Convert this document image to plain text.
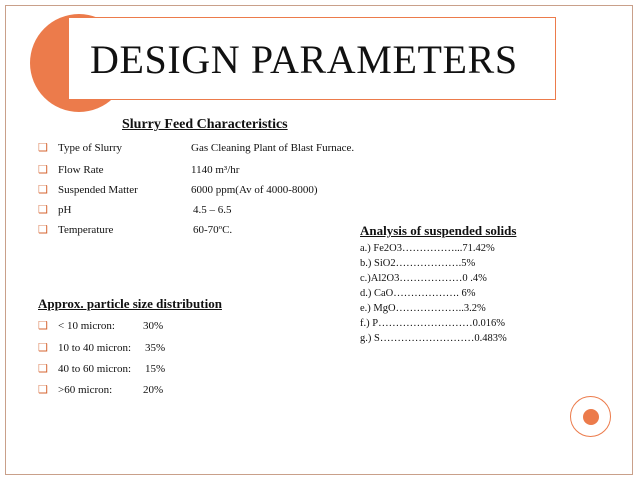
DESIGN PARAMETERS
Slurry Feed Characteristics
❑ Type of Slurry	Gas Cleaning Plant of Blast Furnace.
❑ Flow Rate	1140 m³/hr
❑ Suspended Matter	6000 ppm(Av of 4000-8000)
❑ pH	4.5 – 6.5
❑ Temperature	60-70ºC.	Analysis of suspended solids
a.) Fe2O3……………...71.42%
b.) SiO2……………….5%
c.)Al2O3………………0 .4%
d.) CaO………………. 6%
e.) MgO………………..3.2%
f.) P………………………0.016%
g.) S………………………0.483%
Approx. particle size distribution
❑ < 10 micron:	30%
❑ 10 to 40 micron: 35%
❑ 40 to 60 micron: 15%
❑ >60 micron:	20%
